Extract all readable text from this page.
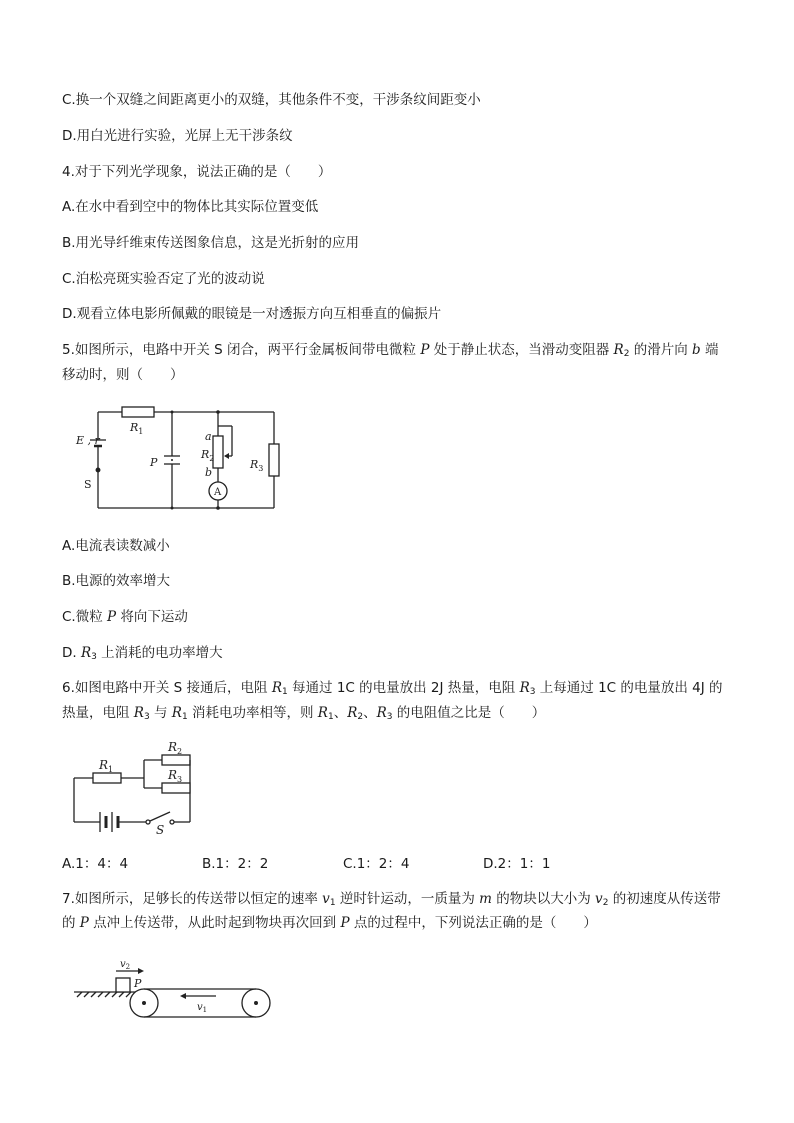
C.换一个双缝之间距离更小的双缝，其他条件不变，干涉条纹间距变小
D.用白光进行实验，光屏上无干涉条纹
4.对于下列光学现象，说法正确的是（　　）
A.在水中看到空中的物体比其实际位置变低
B.用光导纤维束传送图象信息，这是光折射的应用
C.泊松亮斑实验否定了光的波动说
D.观看立体电影所佩戴的眼镜是一对透振方向互相垂直的偏振片
5.如图所示，电路中开关 S 闭合，两平行金属板间带电微粒 P 处于静止状态，当滑动变阻器 $R_2$ 的滑片向 b 端
移动时，则（　　）
E , r
S
$R_1$
P
a
$R_2$
b
$R_3$
A
A.电流表读数减小
B.电源的效率增大
C.微粒 P 将向下运动
D. $R_3$ 上消耗的电功率增大
6.如图电路中开关 S 接通后，电阻 $R_1$ 每通过 1C 的电量放出 2J 热量，电阻 $R_3$ 上每通过 1C 的电量放出 4J 的
热量，电阻 $R_3$ 与 $R_1$ 消耗电功率相等，则 $R_1$、$R_2$、$R_3$ 的电阻值之比是（　　）
$R_1$
$R_2$
$R_3$
S
A.1：4：4	B.1：2：2	C.1：2：4	D.2：1：1
7.如图所示，足够长的传送带以恒定的速率 $v_1$ 逆时针运动，一质量为 m 的物块以大小为 $v_2$ 的初速度从传送带
的 P 点冲上传送带，从此时起到物块再次回到 P 点的过程中，下列说法正确的是（　　）
$v_2$
P
$v_1$
